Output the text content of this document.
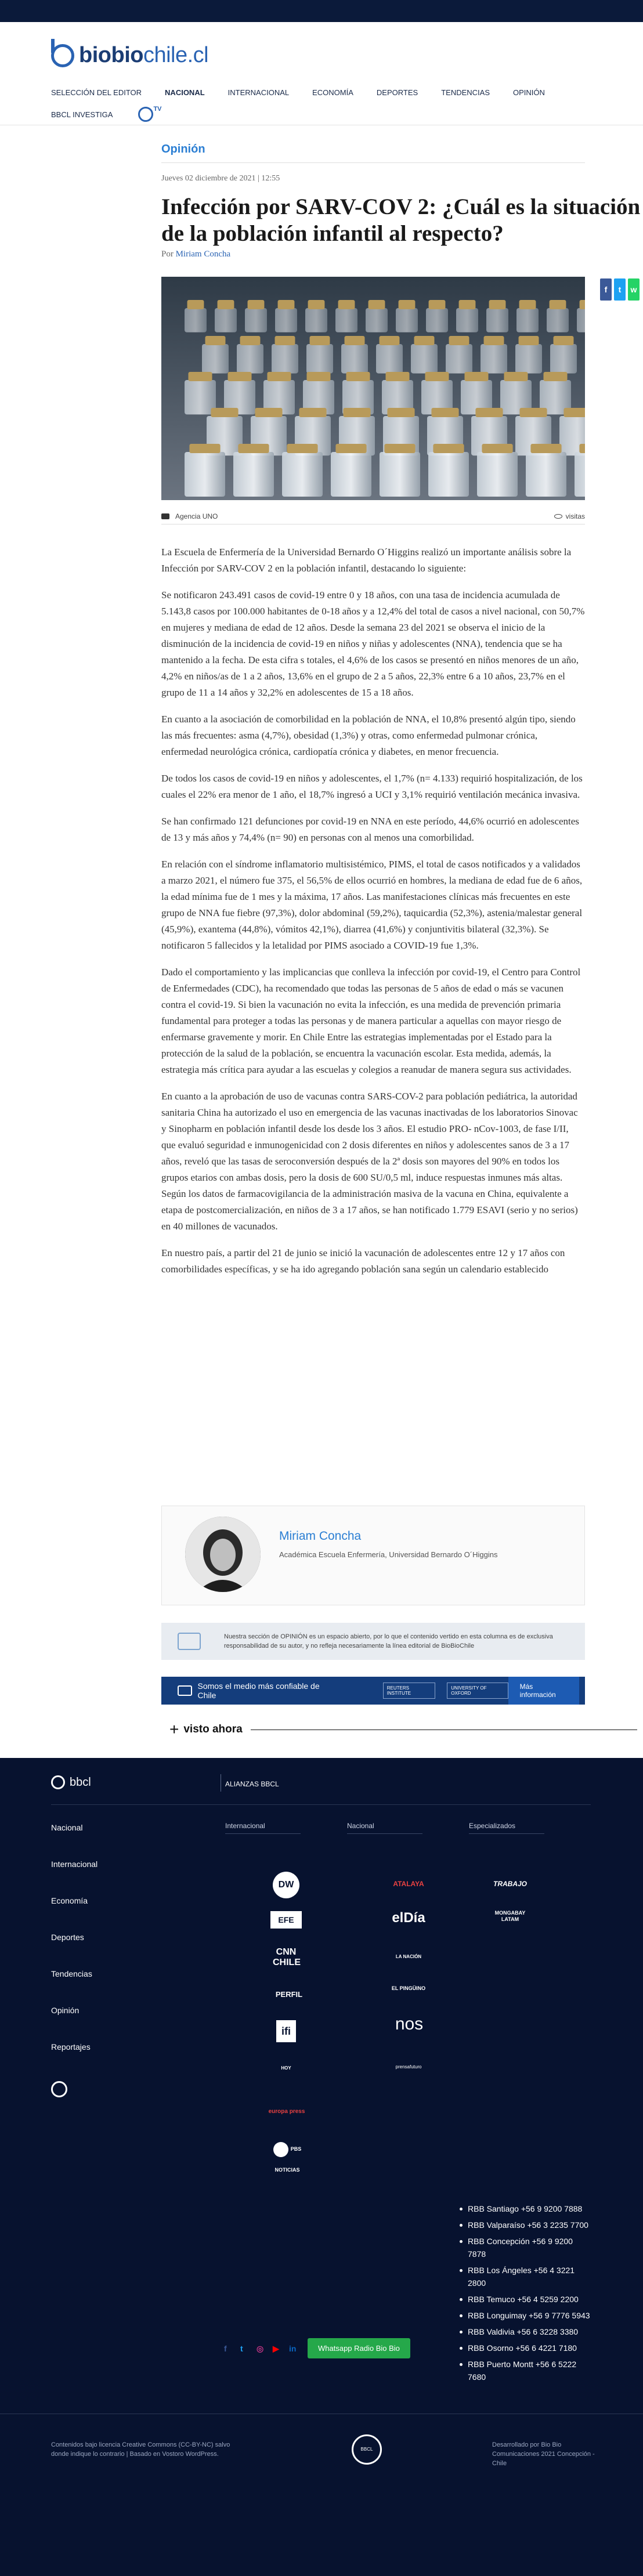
biobiochile.cl
SELECCIÓN DEL EDITOR	NACIONAL	INTERNACIONAL	ECONOMÍA	DEPORTES	TENDENCIAS	OPINIÓN
BBCL INVESTIGA
TV
Opinión
Jueves 02 diciembre de 2021 | 12:55
Infección por SARV-COV 2: ¿Cuál es la situación de la población infantil al respecto?
Por Miriam Concha
f	t	w
Agencia UNO	visitas

La Escuela de Enfermería de la Universidad Bernardo O´Higgins realizó un importante análisis sobre la Infección por SARV-COV 2 en la población infantil, destacando lo siguiente:

Se notificaron 243.491 casos de covid-19 entre 0 y 18 años, con una tasa de incidencia acumulada de 5.143,8 casos por 100.000 habitantes de 0-18 años y a 12,4% del total de casos a nivel nacional, con 50,7% en mujeres y mediana de edad de 12 años. Desde la semana 23 del 2021 se observa el inicio de la disminución de la incidencia de covid-19 en niños y niñas y adolescentes (NNA), tendencia que se ha mantenido a la fecha. De esta cifra s totales, el 4,6% de los casos se presentó en niños menores de un año, 4,2% en niños/as de 1 a 2 años, 13,6% en el grupo de 2 a 5 años, 22,3% entre 6 a 10 años, 23,7% en el grupo de 11 a 14 años y 32,2% en adolescentes de 15 a 18 años.

En cuanto a la asociación de comorbilidad en la población de NNA, el 10,8% presentó algún tipo, siendo las más frecuentes: asma (4,7%), obesidad (1,3%) y otras, como enfermedad pulmonar crónica, enfermedad neurológica crónica, cardiopatía crónica y diabetes, en menor frecuencia.

De todos los casos de covid-19 en niños y adolescentes, el 1,7% (n= 4.133) requirió hospitalización, de los cuales el 22% era menor de 1 año, el 18,7% ingresó a UCI y 3,1% requirió ventilación mecánica invasiva.

Se han confirmado 121 defunciones por covid-19 en NNA en este período, 44,6% ocurrió en adolescentes de 13 y más años y 74,4% (n= 90) en personas con al menos una comorbilidad.

En relación con el síndrome inflamatorio multisistémico, PIMS, el total de casos notificados y a validados a marzo 2021, el número fue 375, el 56,5% de ellos ocurrió en hombres, la mediana de edad fue de 6 años, la edad mínima fue de 1 mes y la máxima, 17 años. Las manifestaciones clínicas más frecuentes en este grupo de NNA fue fiebre (97,3%), dolor abdominal (59,2%), taquicardia (52,3%), astenia/malestar general (45,9%), exantema (44,8%), vómitos 42,1%), diarrea (41,6%) y conjuntivitis bilateral (32,3%). Se notificaron 5 fallecidos y la letalidad por PIMS asociado a COVID-19 fue 1,3%.

Dado el comportamiento y las implicancias que conlleva la infección por covid-19, el Centro para Control de Enfermedades (CDC), ha recomendado que todas las personas de 5 años de edad o más se vacunen contra el covid-19. Si bien la vacunación no evita la infección, es una medida de prevención primaria fundamental para proteger a todas las personas y de manera particular a aquellas con mayor riesgo de enfermarse gravemente y morir. En Chile Entre las estrategias implementadas por el Estado para la protección de la salud de la población, se encuentra la vacunación escolar. Esta medida, además, la estrategia más crítica para ayudar a las escuelas y colegios a reanudar de manera segura sus actividades.

En cuanto a la aprobación de uso de vacunas contra SARS-COV-2 para población pediátrica, la autoridad sanitaria China ha autorizado el uso en emergencia de las vacunas inactivadas de los laboratorios Sinovac y Sinopharm en población infantil desde los desde los 3 años. El estudio PRO- nCov-1003, de fase I/II, que evaluó seguridad e inmunogenicidad con 2 dosis diferentes en niños y adolescentes sanos de 3 a 17 años, reveló que las tasas de seroconversión después de la 2ª dosis son mayores del 90% en todos los grupos etarios con ambas dosis, pero la dosis de 600 SU/0,5 ml, induce respuestas inmunes más altas. Según los datos de farmacovigilancia de la administración masiva de la vacuna en China, equivalente a etapa de postcomercialización, en niños de 3 a 17 años, se han notificado 1.779 ESAVI (serio y no serios) en 40 millones de vacunados.

En nuestro país, a partir del 21 de junio se inició la vacunación de adolescentes entre 12 y 17 años con comorbilidades específicas, y se ha ido agregando población sana según un calendario establecido

Miriam Concha
Académica Escuela Enfermería, Universidad Bernardo O´Higgins
Nuestra sección de OPINIÓN es un espacio abierto, por lo que el contenido vertido en esta columna es de exclusiva responsabilidad de su autor, y no refleja necesariamente la línea editorial de BioBioChile
Somos el medio más confiable de Chile
REUTERS INSTITUTE
UNIVERSITY OF OXFORD
Más información
+ visto ahora
bbcl	ALIANZAS BBCL
Nacional
Internacional
Economía
Deportes
Tendencias
Opinión
Reportajes
Internacional	Nacional	Especializados
DW
EFE
CNN CHILE
PERFIL
ifi
HOY
europa press
PBS NOTICIAS
ATALAYA
elDía
LA NACIÓN
EL PINGÜINO
nos
prensafuturo
TRABAJO
MONGABAY LATAM
RBB Santiago +56 9 9200 7888
RBB Valparaíso +56 3 2235 7700
RBB Concepción +56 9 9200 7878
RBB Los Ángeles +56 4 3221 2800
RBB Temuco +56 4 5259 2200
RBB Longuimay +56 9 7776 5943
RBB Valdivia +56 6 3228 3380
RBB Osorno +56 6 4221 7180
RBB Puerto Montt +56 6 5222 7680
f	t	◎ ▶ in	Whatsapp Radio Bio Bio
Contenidos bajo licencia Creative Commons (CC-BY-NC) salvo donde indique lo contrario | Basado en Vostoro WordPress.
BBCL
Desarrollado por Bio Bio Comunicaciones 2021 Concepción - Chile
